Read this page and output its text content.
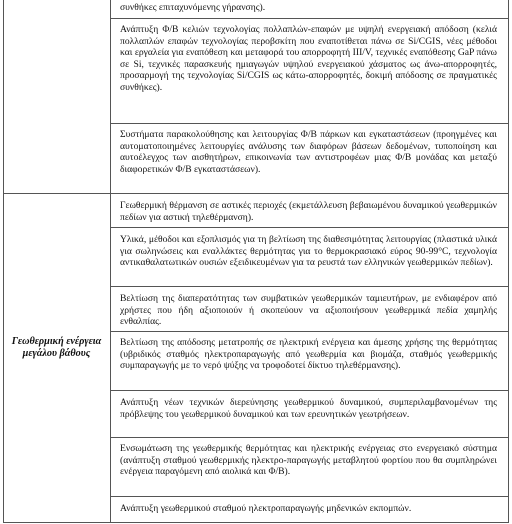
Γεωθερμική ενέργεια μεγάλου βάθους

συνθήκες επιταχυνόμενης γήρανσης).

Ανάπτυξη Φ/Β κελιών τεχνολογίας πολλαπλών-επαφών με υψηλή ενεργειακή απόδοση (κελιά πολλαπλών επαφών τεχνολογίας περοβσκίτη που εναποτίθεται πάνω σε Si/CGIS, νέες μέθοδοι και εργαλεία για εναπόθεση και μεταφορά του απορροφητή III/V, τεχνικές εναπόθεσης GaP πάνω σε Si, τεχνικές παρασκευής ημιαγωγών υψηλού ενεργειακού χάσματος ως άνω-απορροφητές, προσαρμογή της τεχνολογίας Si/CGIS ως κάτω-απορροφητές, δοκιμή απόδοσης σε πραγματικές συνθήκες).

Συστήματα παρακολούθησης και λειτουργίας Φ/Β πάρκων και εγκαταστάσεων (προηγμένες και αυτοματοποιημένες λειτουργίες ανάλυσης των διαφόρων βάσεων δεδομένων, τυποποίηση και αυτοέλεγχος των αισθητήρων, επικοινωνία των αντιστροφέων μιας Φ/Β μονάδας και μεταξύ διαφορετικών Φ/Β εγκαταστάσεων).

Γεωθερμική θέρμανση σε αστικές περιοχές (εκμετάλλευση βεβαιωμένου δυναμικού γεωθερμικών πεδίων για αστική τηλεθέρμανση).

Υλικά, μέθοδοι και εξοπλισμός για τη βελτίωση της διαθεσιμότητας λειτουργίας (πλαστικά υλικά για σωληνώσεις και εναλλάκτες θερμότητας για το θερμοκρασιακό εύρος 90-99°C, τεχνολογία αντικαθαλατωτικών ουσιών εξειδικευμένων για τα ρευστά των ελληνικών γεωθερμικών πεδίων).

Βελτίωση της διαπερατότητας των συμβατικών γεωθερμικών ταμιευτήρων, με ενδιαφέρον από χρήστες που ήδη αξιοποιούν ή σκοπεύουν να αξιοποιήσουν γεωθερμικά πεδία χαμηλής ενθαλπίας.

Βελτίωση της απόδοσης μετατροπής σε ηλεκτρική ενέργεια και άμεσης χρήσης της θερμότητας (υβριδικός σταθμός ηλεκτροπαραγωγής από γεωθερμία και βιομάζα, σταθμός γεωθερμικής συμπαραγωγής με το νερό ψύξης να τροφοδοτεί δίκτυο τηλεθέρμανσης).

Ανάπτυξη νέων τεχνικών διερεύνησης γεωθερμικού δυναμικού, συμπεριλαμβανομένων της πρόβλεψης του γεωθερμικού δυναμικού και των ερευνητικών γεωτρήσεων.

Ενσωμάτωση της γεωθερμικής θερμότητας και ηλεκτρικής ενέργειας στο ενεργειακό σύστημα (ανάπτυξη σταθμού γεωθερμικής ηλεκτρο-παραγωγής μεταβλητού φορτίου που θα συμπληρώνει ενέργεια παραγόμενη από αιολικά και Φ/Β).

Ανάπτυξη γεωθερμικού σταθμού ηλεκτροπαραγωγής μηδενικών εκπομπών.
